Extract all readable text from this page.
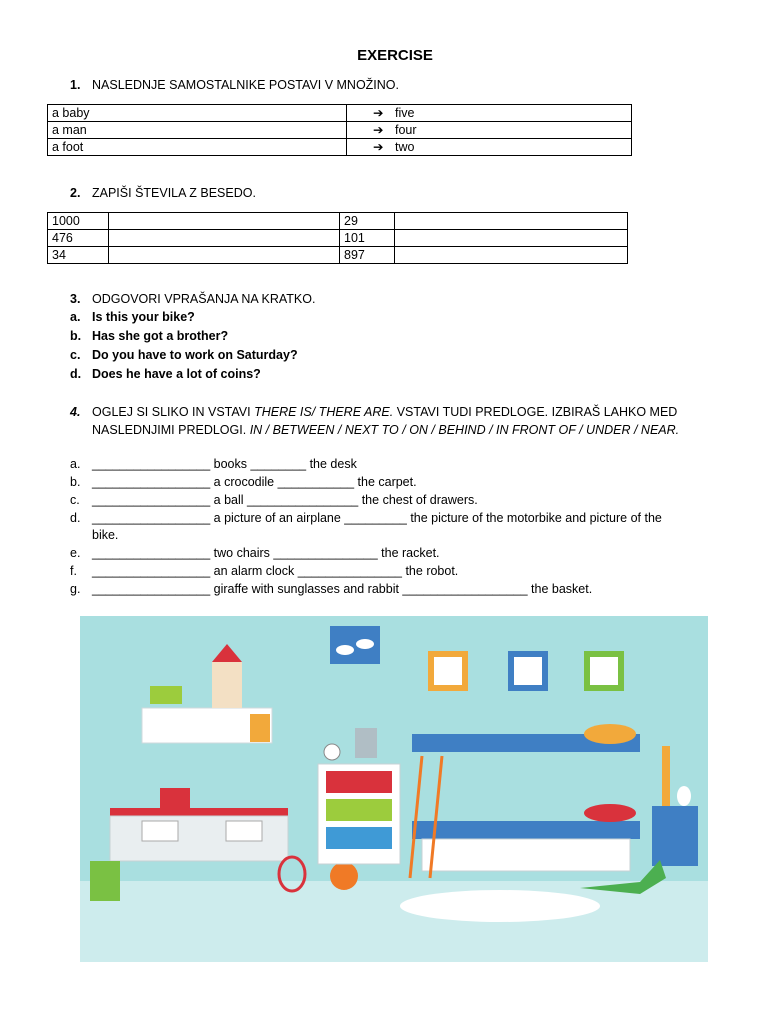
EXERCISE
1. NASLEDNJE SAMOSTALNIKE POSTAVI V MNOŽINO.
a baby	➔ five
a man	➔ four
a foot	➔ two
2. ZAPIŠI ŠTEVILA Z BESEDO.
1000		29	
476		101	
34		897	
3. ODGOVORI VPRAŠANJA NA KRATKO.
a. Is this your bike?
b. Has she got a brother?
c. Do you have to work on Saturday?
d. Does he have a lot of coins?
4. OGLEJ SI SLIKO IN VSTAVI THERE IS/ THERE ARE. VSTAVI TUDI PREDLOGE. IZBIRAŠ LAHKO MED NASLEDNJIMI PREDLOGI. IN / BETWEEN / NEXT TO / ON / BEHIND / IN FRONT OF / UNDER / NEAR.
a. _________________ books ________ the desk
b. _________________ a crocodile ___________ the carpet.
c. _________________ a ball ________________ the chest of drawers.
d. _________________ a picture of an airplane _________ the picture of the motorbike and picture of the
bike.
e. _________________ two chairs _______________ the racket.
f. _________________ an alarm clock _______________ the robot.
g. _________________ giraffe with sunglasses and rabbit __________________ the basket.
